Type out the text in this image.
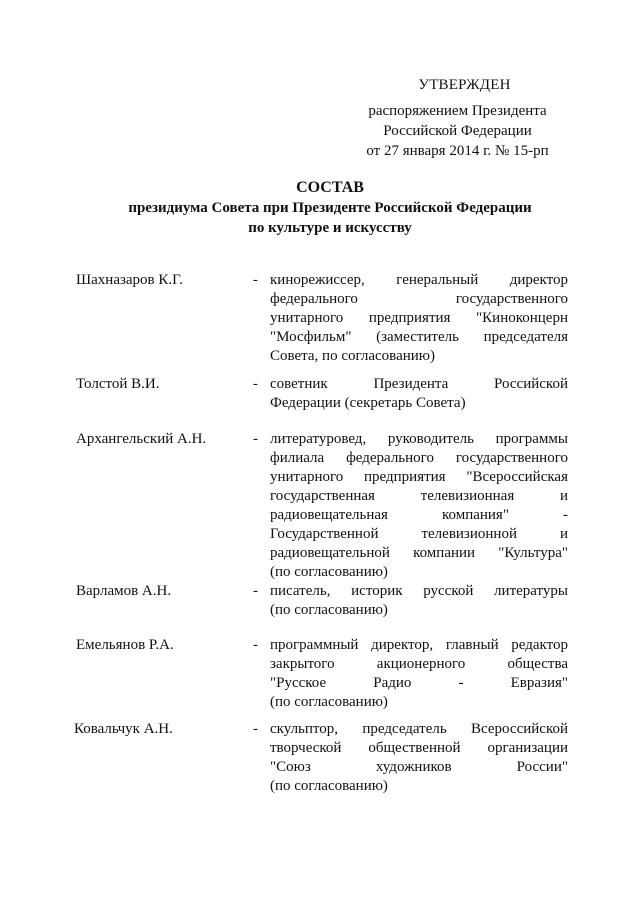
УТВЕРЖДЕН
распоряжением Президента
Российской Федерации
от 27 января 2014 г. № 15-рп
СОСТАВ
президиума Совета при Президенте Российской Федерации
по культуре и искусству
Шахназаров К.Г.	- кинорежиссер, генеральный директор
федерального государственного
унитарного предприятия "Киноконцерн
"Мосфильм" (заместитель председателя
Совета, по согласованию)
Толстой В.И.	- советник Президента Российской
Федерации (секретарь Совета)
Архангельский А.Н.	- литературовед, руководитель программы
филиала федерального государственного
унитарного предприятия "Всероссийская
государственная телевизионная и
радиовещательная компания" -
Государственной телевизионной и
радиовещательной компании "Культура"
(по согласованию)
Варламов А.Н.	- писатель, историк русской литературы
(по согласованию)
Емельянов Р.А.	- программный директор, главный редактор
закрытого акционерного общества
"Русское Радио - Евразия"
(по согласованию)
Ковальчук А.Н.	- скульптор, председатель Всероссийской
творческой общественной организации
"Союз художников России"
(по согласованию)
